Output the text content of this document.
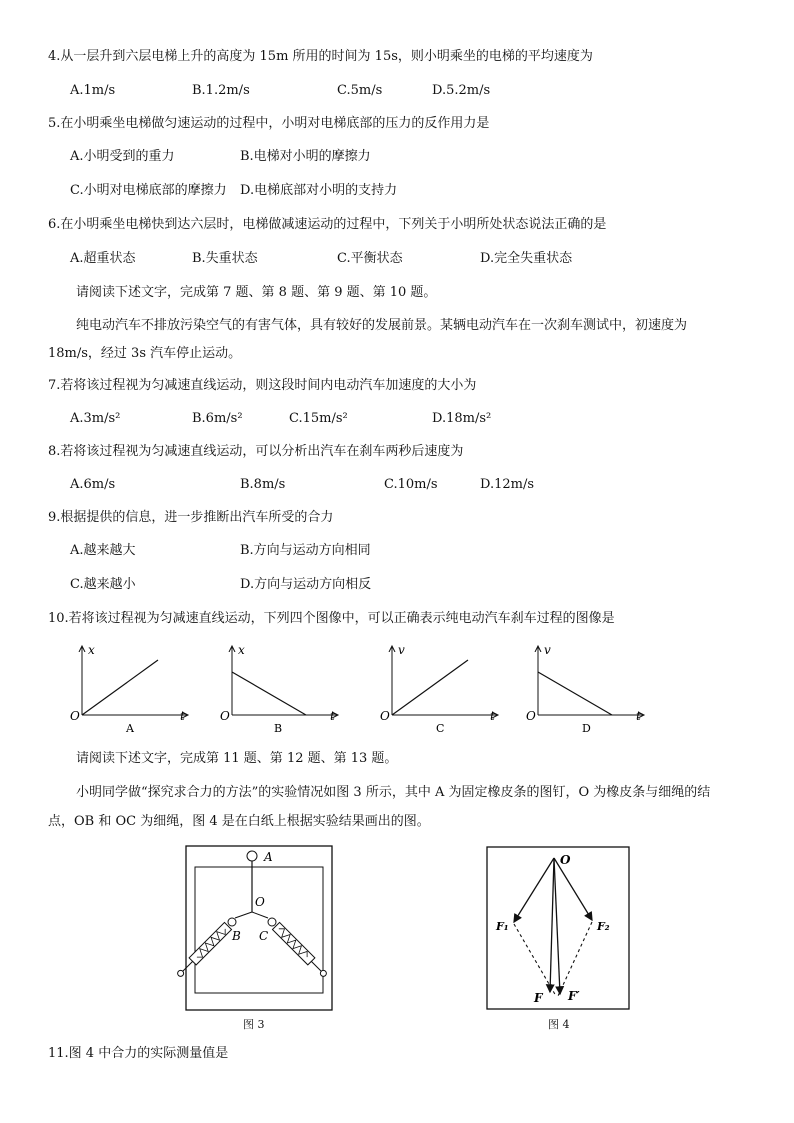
4.从一层升到六层电梯上升的高度为 15m 所用的时间为 15s，则小明乘坐的电梯的平均速度为
A.1m/s	B.1.2m/s	C.5m/s	D.5.2m/s
5.在小明乘坐电梯做匀速运动的过程中，小明对电梯底部的压力的反作用力是
A.小明受到的重力	B.电梯对小明的摩擦力
C.小明对电梯底部的摩擦力 D.电梯底部对小明的支持力
6.在小明乘坐电梯快到达六层时，电梯做减速运动的过程中，下列关于小明所处状态说法正确的是
A.超重状态	B.失重状态	C.平衡状态	D.完全失重状态
请阅读下述文字，完成第 7 题、第 8 题、第 9 题、第 10 题。
纯电动汽车不排放污染空气的有害气体，具有较好的发展前景。某辆电动汽车在一次刹车测试中，初速度为
18m/s，经过 3s 汽车停止运动。
7.若将该过程视为匀减速直线运动，则这段时间内电动汽车加速度的大小为
A.3m/s²	B.6m/s²	C.15m/s²	D.18m/s²
8.若将该过程视为匀减速直线运动，可以分析出汽车在刹车两秒后速度为
A.6m/s	B.8m/s	C.10m/s	D.12m/s
9.根据提供的信息，进一步推断出汽车所受的合力
A.越来越大	B.方向与运动方向相同
C.越来越小	D.方向与运动方向相反
10.若将该过程视为匀减速直线运动，下列四个图像中，可以正确表示纯电动汽车刹车过程的图像是
x
t
O
A
x
t
O
B
v
t
O
C
v
t
O
D
请阅读下述文字，完成第 11 题、第 12 题、第 13 题。
小明同学做“探究求合力的方法”的实验情况如图 3 所示，其中 A 为固定橡皮条的图钉，O 为橡皮条与细绳的结
点，OB 和 OC 为细绳，图 4 是在白纸上根据实验结果画出的图。
A
O
B C
图 3
O
F₁	F₂
F F′
图 4
11.图 4 中合力的实际测量值是
